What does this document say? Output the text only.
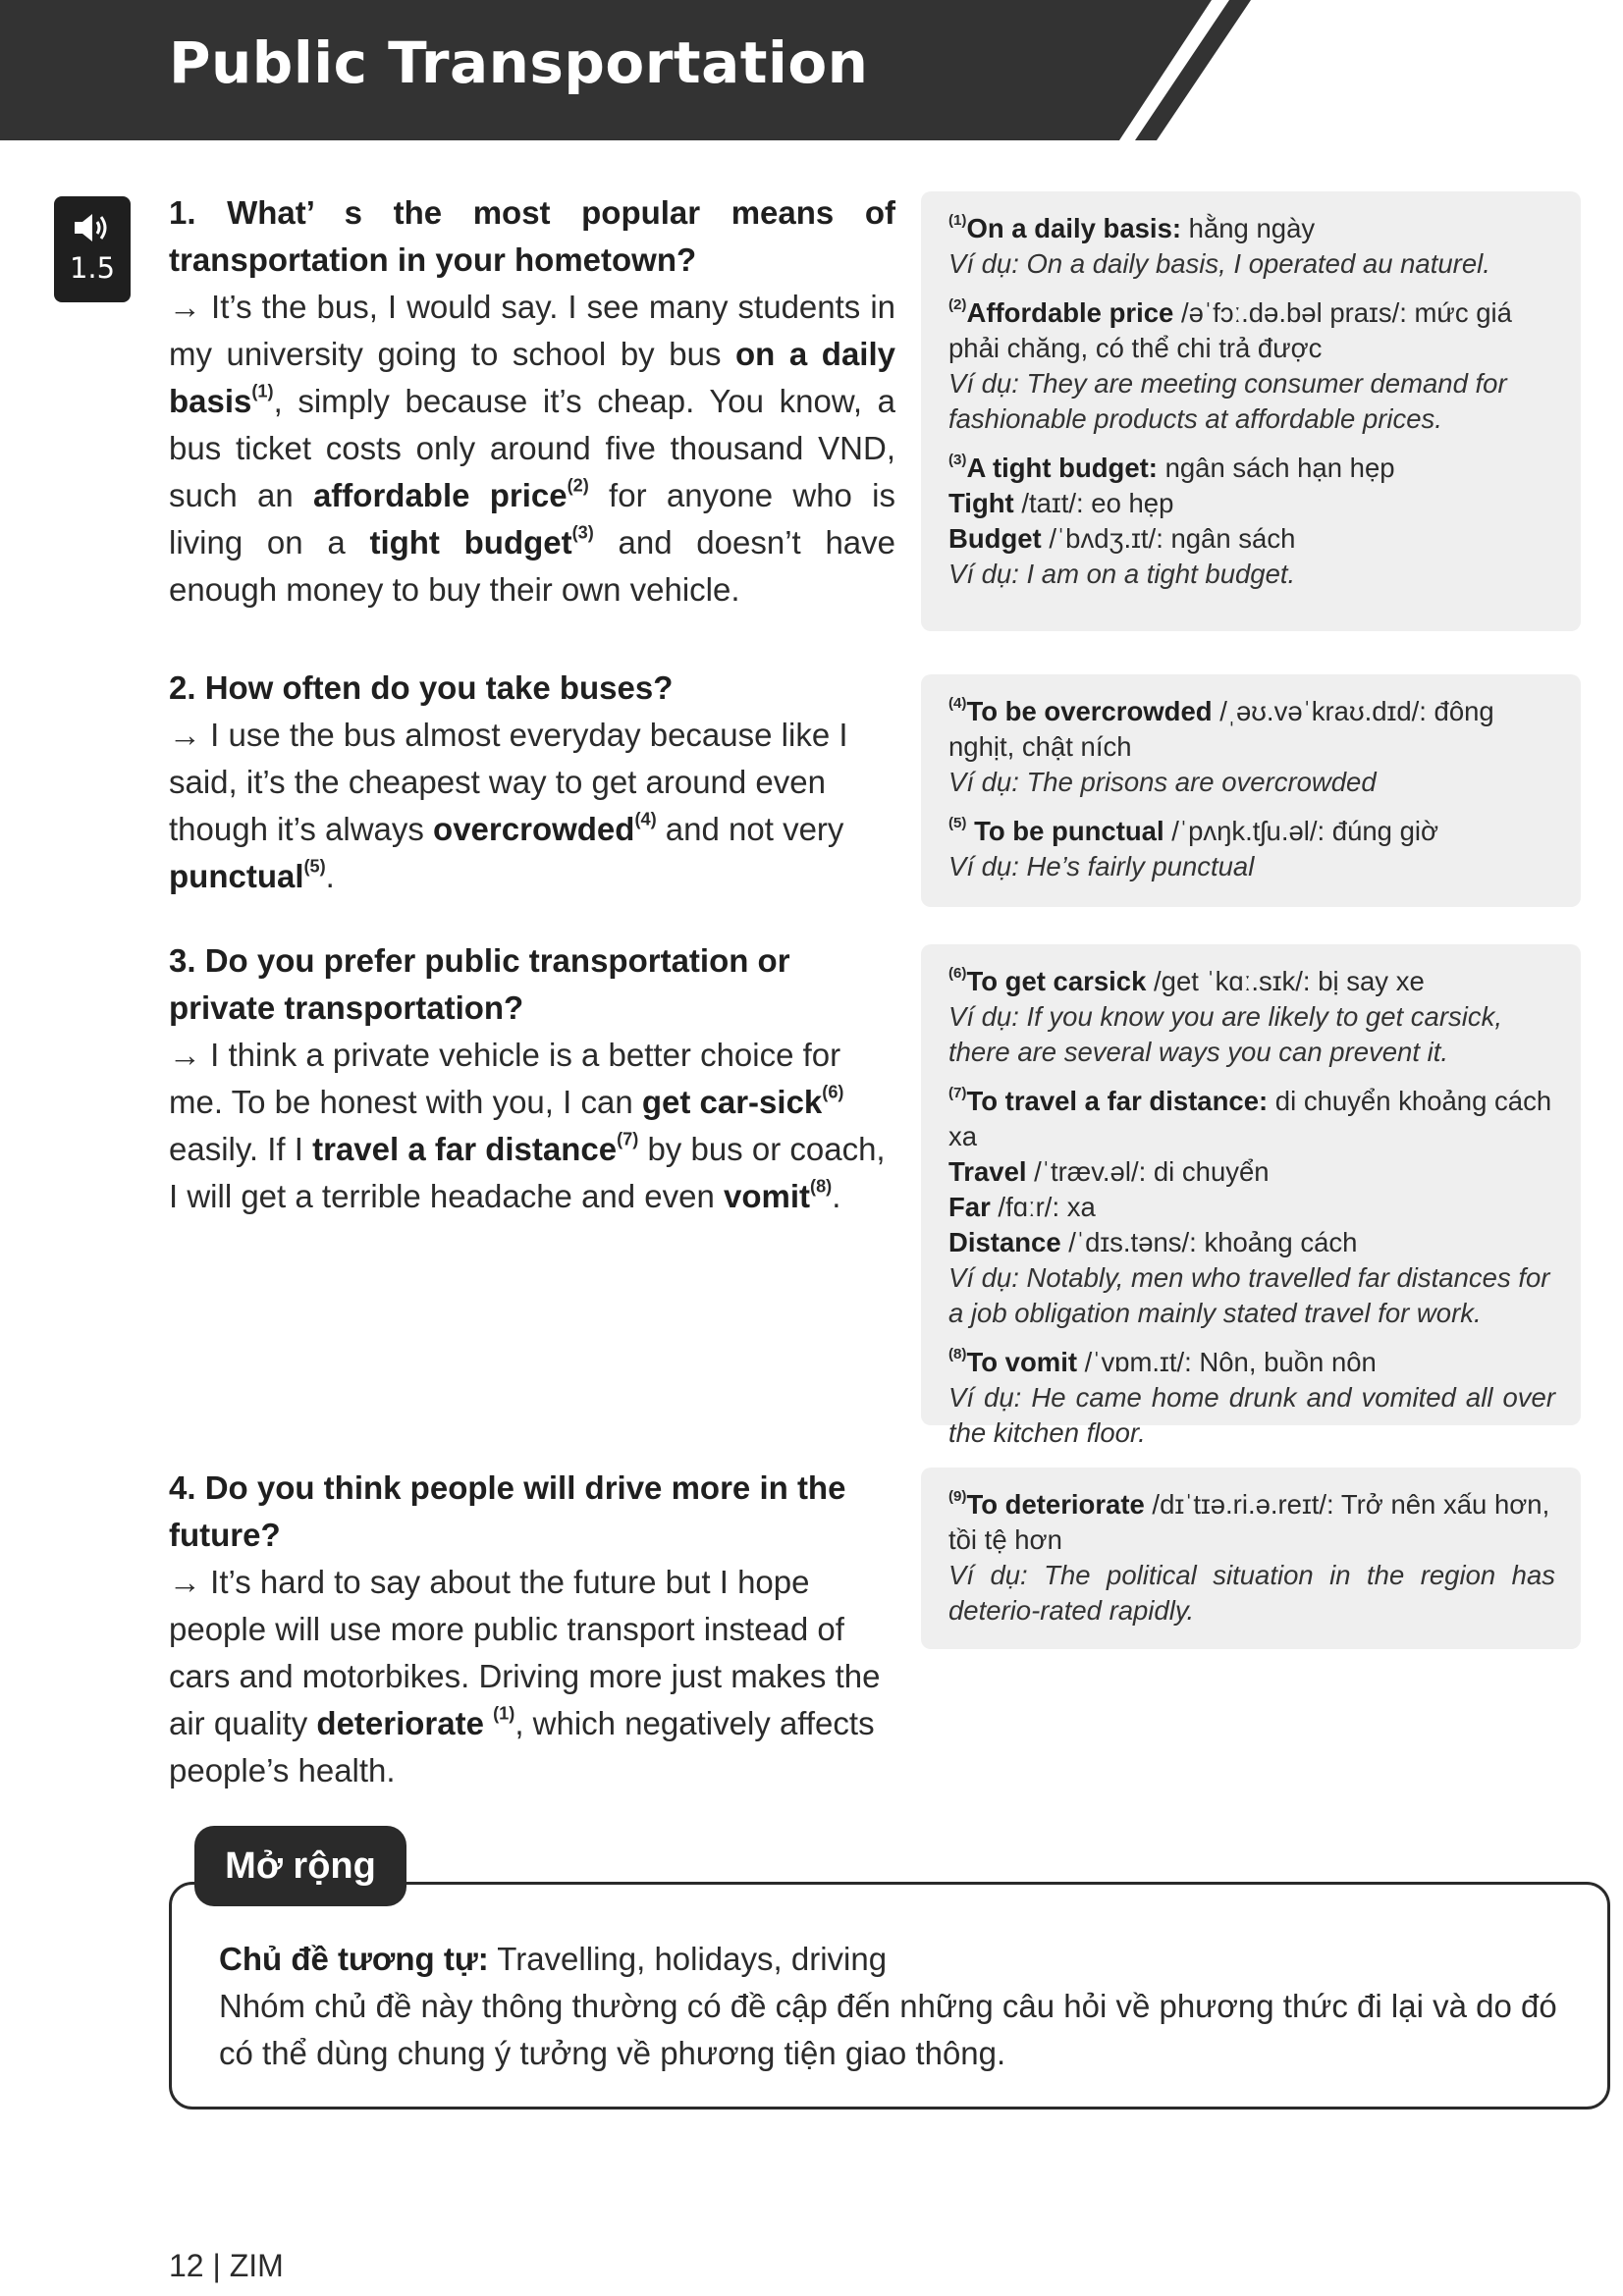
Public Transportation
1.5
1. What’ s the most popular means of transportation in your hometown?
→ It’s the bus, I would say. I see many students in my university going to school by bus on a daily basis$^{(1)}$, simply because it’s cheap. You know, a bus ticket costs only around five thousand VND, such an affordable price$^{(2)}$ for anyone who is living on a tight budget$^{(3)}$ and doesn’t have enough money to buy their own vehicle.
2. How often do you take buses?
→ I use the bus almost everyday because like I said, it’s the cheapest way to get around even though it’s always overcrowded$^{(4)}$ and not very punctual$^{(5)}$.
3. Do you prefer public transportation or private transportation?
→ I think a private vehicle is a better choice for me. To be honest with you, I can get car-sick$^{(6)}$ easily. If I travel a far distance$^{(7)}$ by bus or coach, I will get a terrible headache and even vomit$^{(8)}$.
4. Do you think people will drive more in the future?
→ It’s hard to say about the future but I hope people will use more public transport instead of cars and motorbikes. Driving more just makes the air quality deteriorate $^{(1)}$, which negatively affects people’s health.
$^{(1)}$On a daily basis: hằng ngày
Ví dụ: On a daily basis, I operated au naturel.
$^{(2)}$Affordable price /əˈfɔː.də.bəl praɪs/: mức giá phải chăng, có thể chi trả được
Ví dụ: They are meeting consumer demand for fashionable products at affordable prices.
$^{(3)}$A tight budget: ngân sách hạn hẹp
Tight /taɪt/: eo hẹp
Budget /ˈbʌdʒ.ɪt/: ngân sách
Ví dụ: I am on a tight budget.
$^{(4)}$To be overcrowded /ˌəʊ.vəˈkraʊ.dɪd/: đông nghịt, chật ních
Ví dụ: The prisons are overcrowded
$^{(5)}$ To be punctual /ˈpʌŋk.tʃu.əl/: đúng giờ
Ví dụ: He’s fairly punctual
$^{(6)}$To get carsick /get ˈkɑː.sɪk/: bị say xe
Ví dụ: If you know you are likely to get carsick, there are several ways you can prevent it.
$^{(7)}$To travel a far distance: di chuyển khoảng cách xa
Travel /ˈtræv.əl/: di chuyển
Far /fɑːr/: xa
Distance /ˈdɪs.təns/: khoảng cách
Ví dụ: Notably, men who travelled far distances for a job obligation mainly stated travel for work.
$^{(8)}$To vomit /ˈvɒm.ɪt/: Nôn, buồn nôn
Ví dụ: He came home drunk and vomited all over the kitchen floor.
$^{(9)}$To deteriorate /dɪˈtɪə.ri.ə.reɪt/: Trở nên xấu hơn, tồi tệ hơn
Ví dụ: The political situation in the region has deterio-rated rapidly.
Chủ đề tương tự: Travelling, holidays, driving
Nhóm chủ đề này thông thường có đề cập đến những câu hỏi về phương thức đi lại và do đó có thể dùng chung ý tưởng về phương tiện giao thông.
Mở rộng
12 | ZIM
